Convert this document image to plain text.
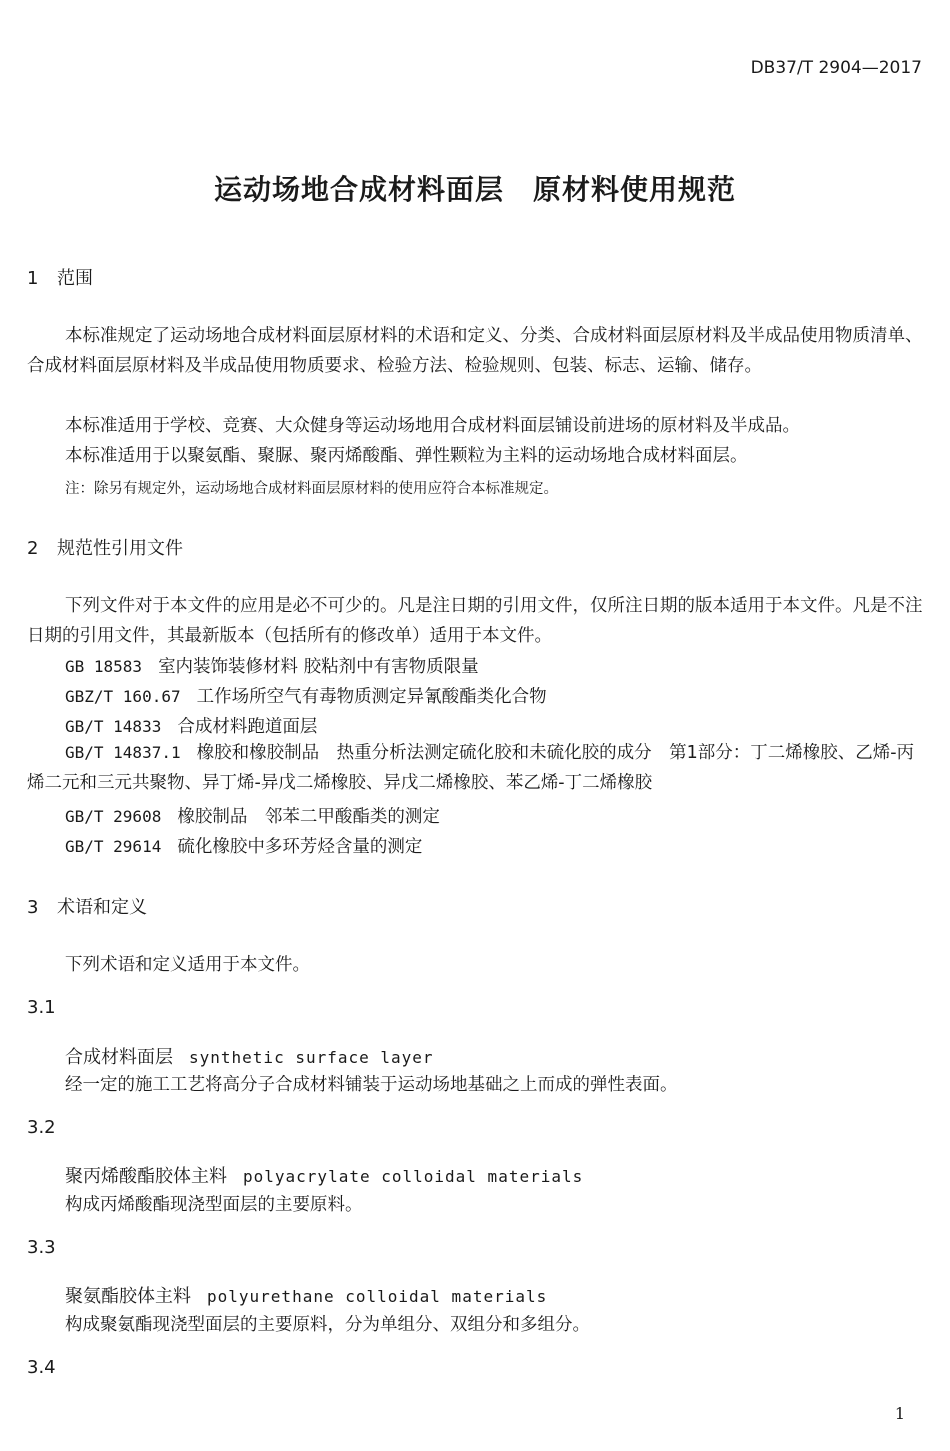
DB37/T 2904—2017
运动场地合成材料面层　原材料使用规范
1 范围
本标准规定了运动场地合成材料面层原材料的术语和定义、分类、合成材料面层原材料及半成品使用物质清单、合成材料面层原材料及半成品使用物质要求、检验方法、检验规则、包装、标志、运输、储存。
本标准适用于学校、竞赛、大众健身等运动场地用合成材料面层铺设前进场的原材料及半成品。
本标准适用于以聚氨酯、聚脲、聚丙烯酸酯、弹性颗粒为主料的运动场地合成材料面层。
注：除另有规定外，运动场地合成材料面层原材料的使用应符合本标准规定。
2 规范性引用文件
下列文件对于本文件的应用是必不可少的。凡是注日期的引用文件，仅所注日期的版本适用于本文件。凡是不注日期的引用文件，其最新版本（包括所有的修改单）适用于本文件。
GB 18583 室内装饰装修材料 胶粘剂中有害物质限量
GBZ/T 160.67 工作场所空气有毒物质测定异氰酸酯类化合物
GB/T 14833 合成材料跑道面层
GB/T 14837.1 橡胶和橡胶制品　热重分析法测定硫化胶和未硫化胶的成分　第1部分：丁二烯橡胶、乙烯-丙烯二元和三元共聚物、异丁烯-异戊二烯橡胶、异戊二烯橡胶、苯乙烯-丁二烯橡胶
GB/T 29608 橡胶制品　邻苯二甲酸酯类的测定
GB/T 29614 硫化橡胶中多环芳烃含量的测定
3 术语和定义
下列术语和定义适用于本文件。
3.1
合成材料面层 synthetic surface layer
经一定的施工工艺将高分子合成材料铺装于运动场地基础之上而成的弹性表面。
3.2
聚丙烯酸酯胶体主料 polyacrylate colloidal materials
构成丙烯酸酯现浇型面层的主要原料。
3.3
聚氨酯胶体主料 polyurethane colloidal materials
构成聚氨酯现浇型面层的主要原料，分为单组分、双组分和多组分。
3.4
1
